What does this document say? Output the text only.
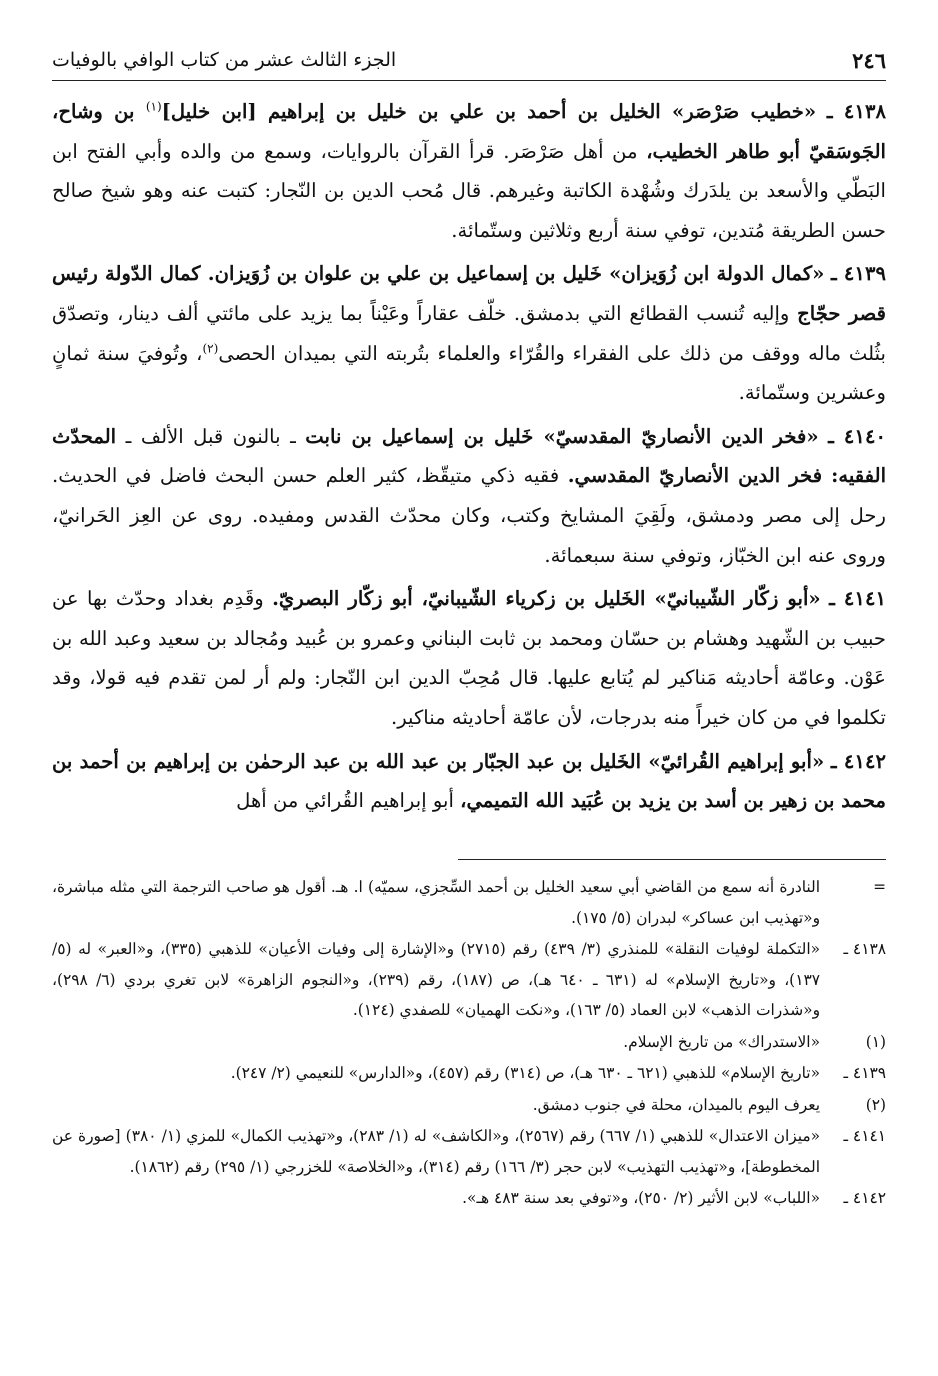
٢٤٦
الجزء الثالث عشر من كتاب الوافي بالوفيات

٤١٣٨ ـ «خطيب صَرْصَر» الخليل بن أحمد بن علي بن خليل بن إبراهيم [ابن خليل]$^{(١)}$ بن وشاح، الجَوسَقيّ أبو طاهر الخطيب، من أهل صَرْصَر. قرأ القرآن بالروايات، وسمع من والده وأبي الفتح ابن البَطّي والأسعد بن يلدَرك وشُهْدة الكاتبة وغيرهم. قال مُحب الدين بن النّجار: كتبت عنه وهو شيخ صالح حسن الطريقة مُتدين، توفي سنة أربع وثلاثين وستّمائة.

٤١٣٩ ـ «كمال الدولة ابن زُوَيزان» خَليل بن إسماعيل بن علي بن علوان بن زُوَيزان. كمال الدّولة رئيس قصر حجّاج وإليه تُنسب القطائع التي بدمشق. خلّف عقاراً وعَيْناً بما يزيد على مائتي ألف دينار، وتصدّق بثُلث ماله ووقف من ذلك على الفقراء والقُرّاء والعلماء بتُربته التي بميدان الحصى$^{(٢)}$، وتُوفيَ سنة ثمانٍ وعشرين وستّمائة.

٤١٤٠ ـ «فخر الدين الأنصاريّ المقدسيّ» خَليل بن إسماعيل بن نابت ـ بالنون قبل الألف ـ المحدّث الفقيه: فخر الدين الأنصاريّ المقدسي. فقيه ذكي متيقّظ، كثير العلم حسن البحث فاضل في الحديث. رحل إلى مصر ودمشق، ولَقِيَ المشايخ وكتب، وكان محدّث القدس ومفيده. روى عن العِز الحَرانيّ، وروى عنه ابن الخبّاز، وتوفي سنة سبعمائة.

٤١٤١ ـ «أبو زكّار الشّيبانيّ» الخَليل بن زكرياء الشّيبانيّ، أبو زكّار البصريّ. وقَدِم بغداد وحدّث بها عن حبيب بن الشّهيد وهشام بن حسّان ومحمد بن ثابت البناني وعمرو بن عُبيد ومُجالد بن سعيد وعبد الله بن عَوْن. وعامّة أحاديثه مَناكير لم يُتابع عليها. قال مُحِبّ الدين ابن النّجار: ولم أر لمن تقدم فيه قولا، وقد تكلموا في من كان خيراً منه بدرجات، لأن عامّة أحاديثه مناكير.

٤١٤٢ ـ «أبو إبراهيم القُرائيّ» الخَليل بن عبد الجبّار بن عبد الله بن عبد الرحمٰن بن إبراهيم بن أحمد بن محمد بن زهير بن أسد بن يزيد بن عُبَيد الله التميمي، أبو إبراهيم القُرائي من أهل

=
النادرة أنه سمع من القاضي أبي سعيد الخليل بن أحمد السِّجزي، سميّه) ا. هـ. أقول هو صاحب الترجمة التي مثله مباشرة، و«تهذيب ابن عساكر» لبدران (٥/ ١٧٥).
٤١٣٨ ـ
«التكملة لوفيات النقلة» للمنذري (٣/ ٤٣٩) رقم (٢٧١٥) و«الإشارة إلى وفيات الأعيان» للذهبي (٣٣٥)، و«العبر» له (٥/ ١٣٧)، و«تاريخ الإسلام» له (٦٣١ ـ ٦٤٠ هـ)، ص (١٨٧)، رقم (٢٣٩)، و«النجوم الزاهرة» لابن تغري بردي (٦/ ٢٩٨)، و«شذرات الذهب» لابن العماد (٥/ ١٦٣)، و«نكت الهميان» للصفدي (١٢٤).
(١)
«الاستدراك» من تاريخ الإسلام.
٤١٣٩ ـ
«تاريخ الإسلام» للذهبي (٦٢١ ـ ٦٣٠ هـ)، ص (٣١٤) رقم (٤٥٧)، و«الدارس» للنعيمي (٢/ ٢٤٧).
(٢)
يعرف اليوم بالميدان، محلة في جنوب دمشق.
٤١٤١ ـ
«ميزان الاعتدال» للذهبي (١/ ٦٦٧) رقم (٢٥٦٧)، و«الكاشف» له (١/ ٢٨٣)، و«تهذيب الكمال» للمزي (١/ ٣٨٠) [صورة عن المخطوطة]، و«تهذيب التهذيب» لابن حجر (٣/ ١٦٦) رقم (٣١٤)، و«الخلاصة» للخزرجي (١/ ٢٩٥) رقم (١٨٦٢).
٤١٤٢ ـ
«اللباب» لابن الأثير (٢/ ٢٥٠)، و«توفي بعد سنة ٤٨٣ هـ».
